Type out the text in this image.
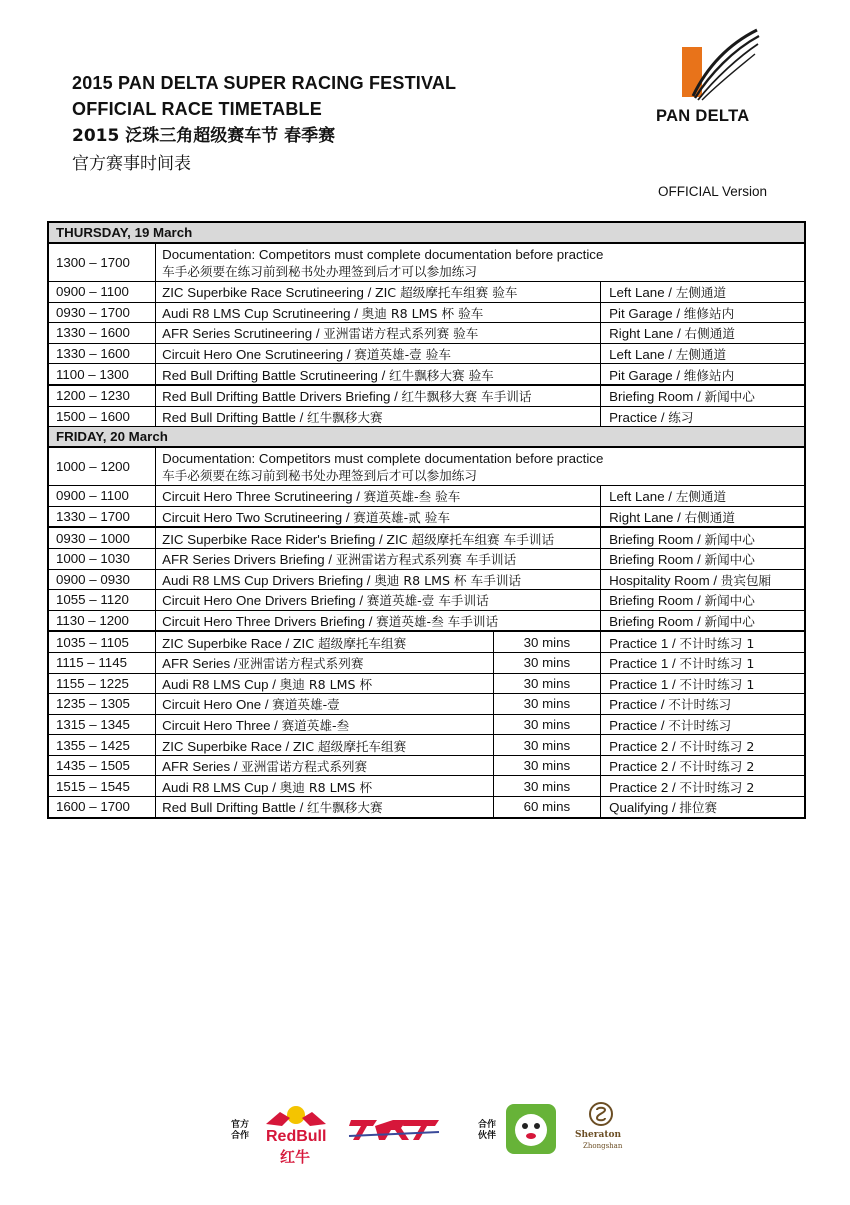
2015 PAN DELTA SUPER RACING FESTIVAL
OFFICIAL RACE TIMETABLE
2015 泛珠三角超级赛车节 春季赛
官方赛事时间表
PAN DELTA
OFFICIAL Version
THURSDAY, 19 March			
1300 – 1700	Documentation: Competitors must complete documentation before practice
车手必须要在练习前到秘书处办理签到后才可以参加练习		

0900 – 1100	ZIC Superbike Race Scrutineering / ZIC 超级摩托车组赛 验车		Left Lane / 左侧通道
0930 – 1700	Audi R8 LMS Cup Scrutineering / 奥迪 R8 LMS 杯 验车		Pit Garage / 维修站内
1330 – 1600	AFR Series Scrutineering / 亚洲雷诺方程式系列赛 验车		Right Lane / 右侧通道
1330 – 1600	Circuit Hero One Scrutineering / 赛道英雄-壹 验车		Left Lane / 左侧通道
1100 – 1300	Red Bull Drifting Battle Scrutineering / 红牛飘移大赛 验车		Pit Garage / 维修站内
1200 – 1230	Red Bull Drifting Battle Drivers Briefing / 红牛飘移大赛 车手训话		Briefing Room / 新闻中心
1500 – 1600	Red Bull Drifting Battle / 红牛飘移大赛		Practice / 练习
FRIDAY, 20 March			
1000 – 1200	Documentation: Competitors must complete documentation before practice
车手必须要在练习前到秘书处办理签到后才可以参加练习		

0900 – 1100	Circuit Hero Three Scrutineering / 赛道英雄-叁 验车		Left Lane / 左侧通道
1330 – 1700	Circuit Hero Two Scrutineering / 赛道英雄-贰 验车		Right Lane / 右侧通道
0930 – 1000	ZIC Superbike Race Rider's Briefing / ZIC 超级摩托车组赛 车手训话		Briefing Room / 新闻中心
1000 – 1030	AFR Series Drivers Briefing / 亚洲雷诺方程式系列赛 车手训话		Briefing Room / 新闻中心
0900 – 0930	Audi R8 LMS Cup Drivers Briefing / 奥迪 R8 LMS 杯 车手训话		Hospitality Room / 贵宾包厢
1055 – 1120	Circuit Hero One Drivers Briefing / 赛道英雄-壹 车手训话		Briefing Room / 新闻中心
1130 – 1200	Circuit Hero Three Drivers Briefing / 赛道英雄-叁 车手训话		Briefing Room / 新闻中心
1035 – 1105	ZIC Superbike Race / ZIC 超级摩托车组赛	30 mins	Practice 1 / 不计时练习 1
1115 – 1145	AFR Series /亚洲雷诺方程式系列赛	30 mins	Practice 1 / 不计时练习 1
1155 – 1225	Audi R8 LMS Cup / 奥迪 R8 LMS 杯	30 mins	Practice 1 / 不计时练习 1
1235 – 1305	Circuit Hero One / 赛道英雄-壹	30 mins	Practice / 不计时练习
1315 – 1345	Circuit Hero Three / 赛道英雄-叁	30 mins	Practice / 不计时练习
1355 – 1425	ZIC Superbike Race / ZIC 超级摩托车组赛	30 mins	Practice 2 / 不计时练习 2
1435 – 1505	AFR Series / 亚洲雷诺方程式系列赛	30 mins	Practice 2 / 不计时练习 2
1515 – 1545	Audi R8 LMS Cup / 奥迪 R8 LMS 杯	30 mins	Practice 2 / 不计时练习 2
1600 – 1700	Red Bull Drifting Battle / 红牛飘移大赛	60 mins	Qualifying / 排位赛
官方
合作 RedBull
红牛
合作
伙伴	Sheraton
Zhongshan
